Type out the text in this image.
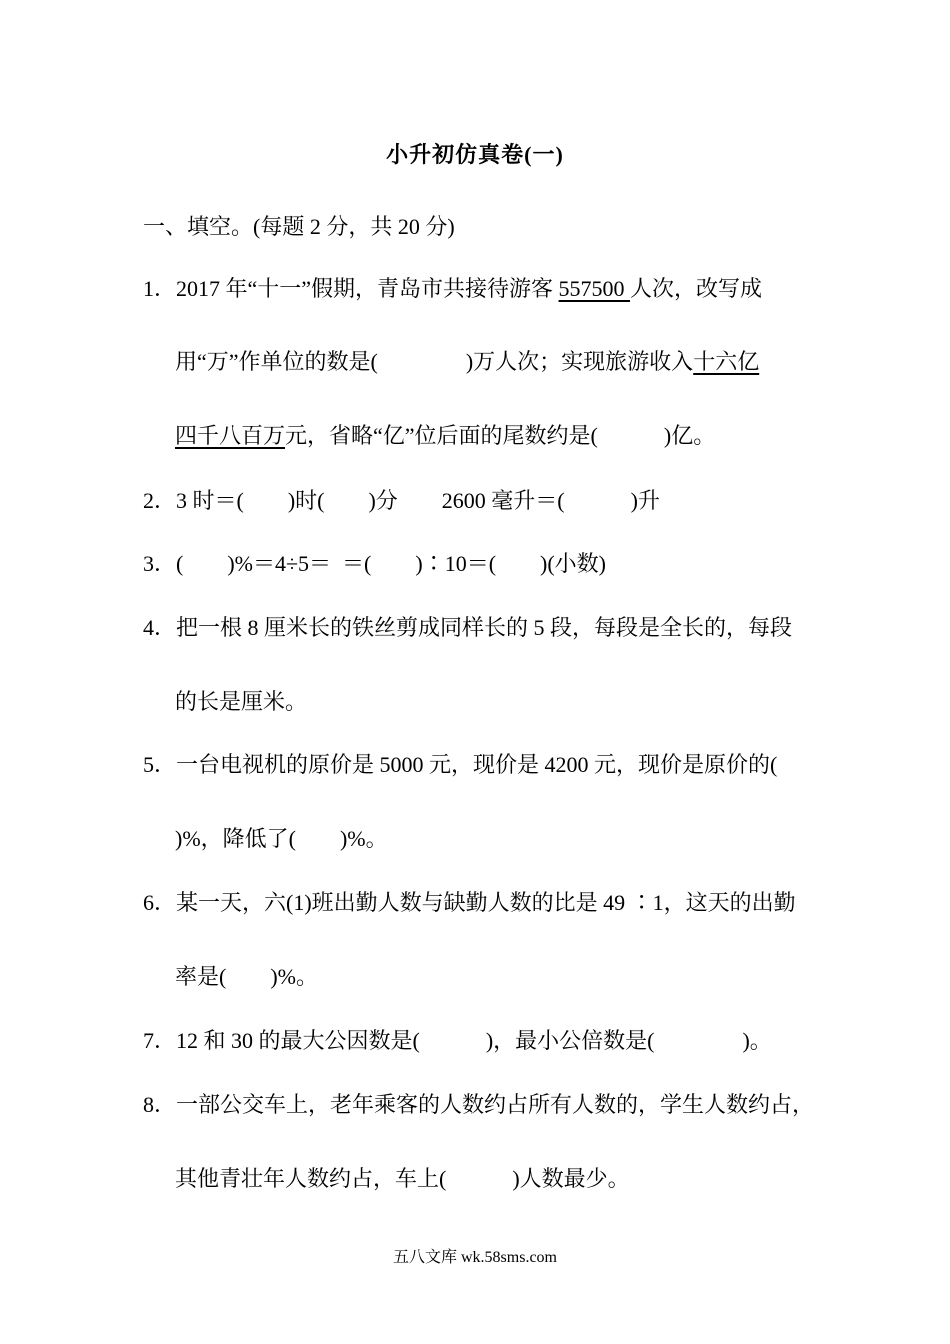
小升初仿真卷(一)
一、填空。(每题 2 分，共 20 分)
1．2017 年“十一”假期，青岛市共接待游客 557500 人次，改写成
用“万”作单位的数是(　　　　)万人次；实现旅游收入十六亿
四千八百万元，省略“亿”位后面的尾数约是(　　　)亿。
2．3 时＝(　　)时(　　)分　　2600 毫升＝(　　　)升
3．(　　)%＝4÷5＝  ＝(　　)∶10＝(　　)(小数)
4．把一根 8 厘米长的铁丝剪成同样长的 5 段，每段是全长的，每段
的长是厘米。
5．一台电视机的原价是 5000 元，现价是 4200 元，现价是原价的(
)%，降低了(　　)%。
6．某一天，六(1)班出勤人数与缺勤人数的比是 49 ∶1，这天的出勤
率是(　　)%。
7．12 和 30 的最大公因数是(　　　)，最小公倍数是(　　　　)。
8．一部公交车上，老年乘客的人数约占所有人数的，学生人数约占，
其他青壮年人数约占，车上(　　　)人数最少。
五八文库 wk.58sms.com
